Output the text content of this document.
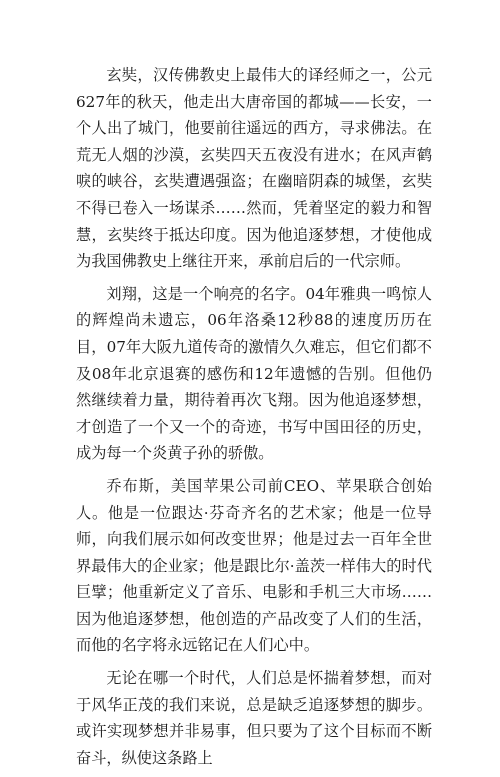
玄奘，汉传佛教史上最伟大的译经师之一，公元627年的秋天，他走出大唐帝国的都城——长安，一个人出了城门，他要前往遥远的西方，寻求佛法。在荒无人烟的沙漠，玄奘四天五夜没有进水；在风声鹤唳的峡谷，玄奘遭遇强盗；在幽暗阴森的城堡，玄奘不得已卷入一场谋杀……然而，凭着坚定的毅力和智慧，玄奘终于抵达印度。因为他追逐梦想，才使他成为我国佛教史上继往开来，承前启后的一代宗师。

刘翔，这是一个响亮的名字。04年雅典一鸣惊人的辉煌尚未遗忘，06年洛桑12秒88的速度历历在目，07年大阪九道传奇的激情久久难忘，但它们都不及08年北京退赛的感伤和12年遗憾的告别。但他仍然继续着力量，期待着再次飞翔。因为他追逐梦想，才创造了一个又一个的奇迹，书写中国田径的历史，成为每一个炎黄子孙的骄傲。

乔布斯，美国苹果公司前CEO、苹果联合创始人。他是一位跟达·芬奇齐名的艺术家；他是一位导师，向我们展示如何改变世界；他是过去一百年全世界最伟大的企业家；他是跟比尔·盖茨一样伟大的时代巨擘；他重新定义了音乐、电影和手机三大市场……因为他追逐梦想，他创造的产品改变了人们的生活，而他的名字将永远铭记在人们心中。

无论在哪一个时代，人们总是怀揣着梦想，而对于风华正茂的我们来说，总是缺乏追逐梦想的脚步。或许实现梦想并非易事，但只要为了这个目标而不断奋斗，纵使这条路上
